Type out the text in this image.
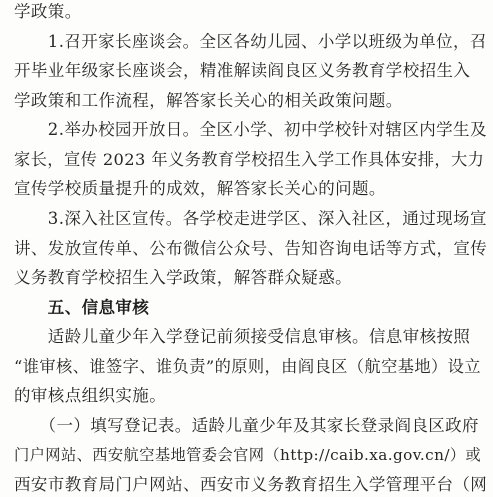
学政策。
　　1.召开家长座谈会。全区各幼儿园、小学以班级为单位，召
开毕业年级家长座谈会，精准解读阎良区义务教育学校招生入
学政策和工作流程，解答家长关心的相关政策问题。
　　2.举办校园开放日。全区小学、初中学校针对辖区内学生及
家长，宣传 2023 年义务教育学校招生入学工作具体安排，大力
宣传学校质量提升的成效，解答家长关心的问题。
　　3.深入社区宣传。各学校走进学区、深入社区，通过现场宣
讲、发放宣传单、公布微信公众号、告知咨询电话等方式，宣传
义务教育学校招生入学政策，解答群众疑惑。
　　五、信息审核
　　适龄儿童少年入学登记前须接受信息审核。信息审核按照
“谁审核、谁签字、谁负责”的原则，由阎良区（航空基地）设立
的审核点组织实施。
　　（一）填写登记表。适龄儿童少年及其家长登录阎良区政府
门户网站、西安航空基地管委会官网（http://caib.xa.gov.cn/）或
西安市教育局门户网站、西安市义务教育招生入学管理平台（网
